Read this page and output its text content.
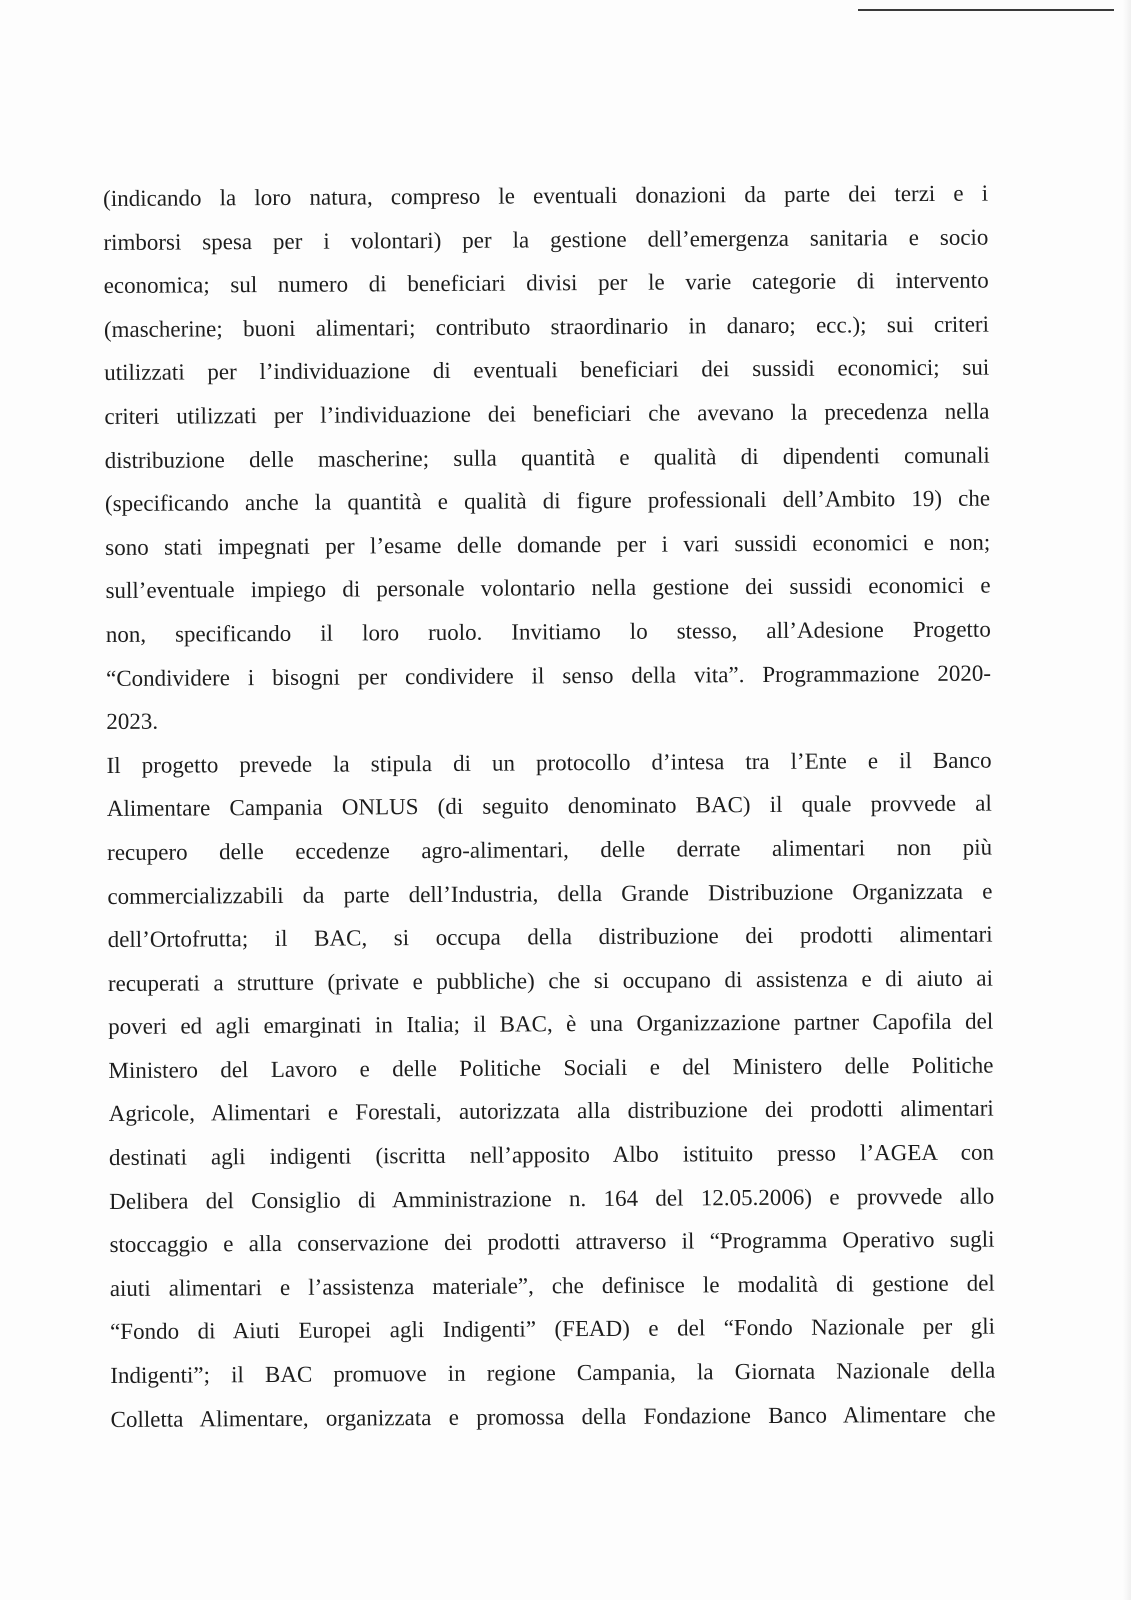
(indicando la loro natura, compreso le eventuali donazioni da parte dei terzi e i
rimborsi spesa per i volontari) per la gestione dell’emergenza sanitaria e socio
economica; sul numero di beneficiari divisi per le varie categorie di intervento
(mascherine; buoni alimentari; contributo straordinario in danaro; ecc.); sui criteri
utilizzati per l’individuazione di eventuali beneficiari dei sussidi economici; sui
criteri utilizzati per l’individuazione dei beneficiari che avevano la precedenza nella
distribuzione delle mascherine; sulla quantità e qualità di dipendenti comunali
(specificando anche la quantità e qualità di figure professionali dell’Ambito 19) che
sono stati impegnati per l’esame delle domande per i vari sussidi economici e non;
sull’eventuale impiego di personale volontario nella gestione dei sussidi economici e
non, specificando il loro ruolo. Invitiamo lo stesso, all’Adesione Progetto
“Condividere i bisogni per condividere il senso della vita”. Programmazione 2020-
2023.
Il progetto prevede la stipula di un protocollo d’intesa tra l’Ente e il Banco
Alimentare Campania ONLUS (di seguito denominato BAC) il quale provvede al
recupero delle eccedenze agro-alimentari, delle derrate alimentari non più
commercializzabili da parte dell’Industria, della Grande Distribuzione Organizzata e
dell’Ortofrutta; il BAC, si occupa della distribuzione dei prodotti alimentari
recuperati a strutture (private e pubbliche) che si occupano di assistenza e di aiuto ai
poveri ed agli emarginati in Italia; il BAC, è una Organizzazione partner Capofila del
Ministero del Lavoro e delle Politiche Sociali e del Ministero delle Politiche
Agricole, Alimentari e Forestali, autorizzata alla distribuzione dei prodotti alimentari
destinati agli indigenti (iscritta nell’apposito Albo istituito presso l’AGEA con
Delibera del Consiglio di Amministrazione n. 164 del 12.05.2006) e provvede allo
stoccaggio e alla conservazione dei prodotti attraverso il “Programma Operativo sugli
aiuti alimentari e l’assistenza materiale”, che definisce le modalità di gestione del
“Fondo di Aiuti Europei agli Indigenti” (FEAD) e del “Fondo Nazionale per gli
Indigenti”; il BAC promuove in regione Campania, la Giornata Nazionale della
Colletta Alimentare, organizzata e promossa della Fondazione Banco Alimentare che
